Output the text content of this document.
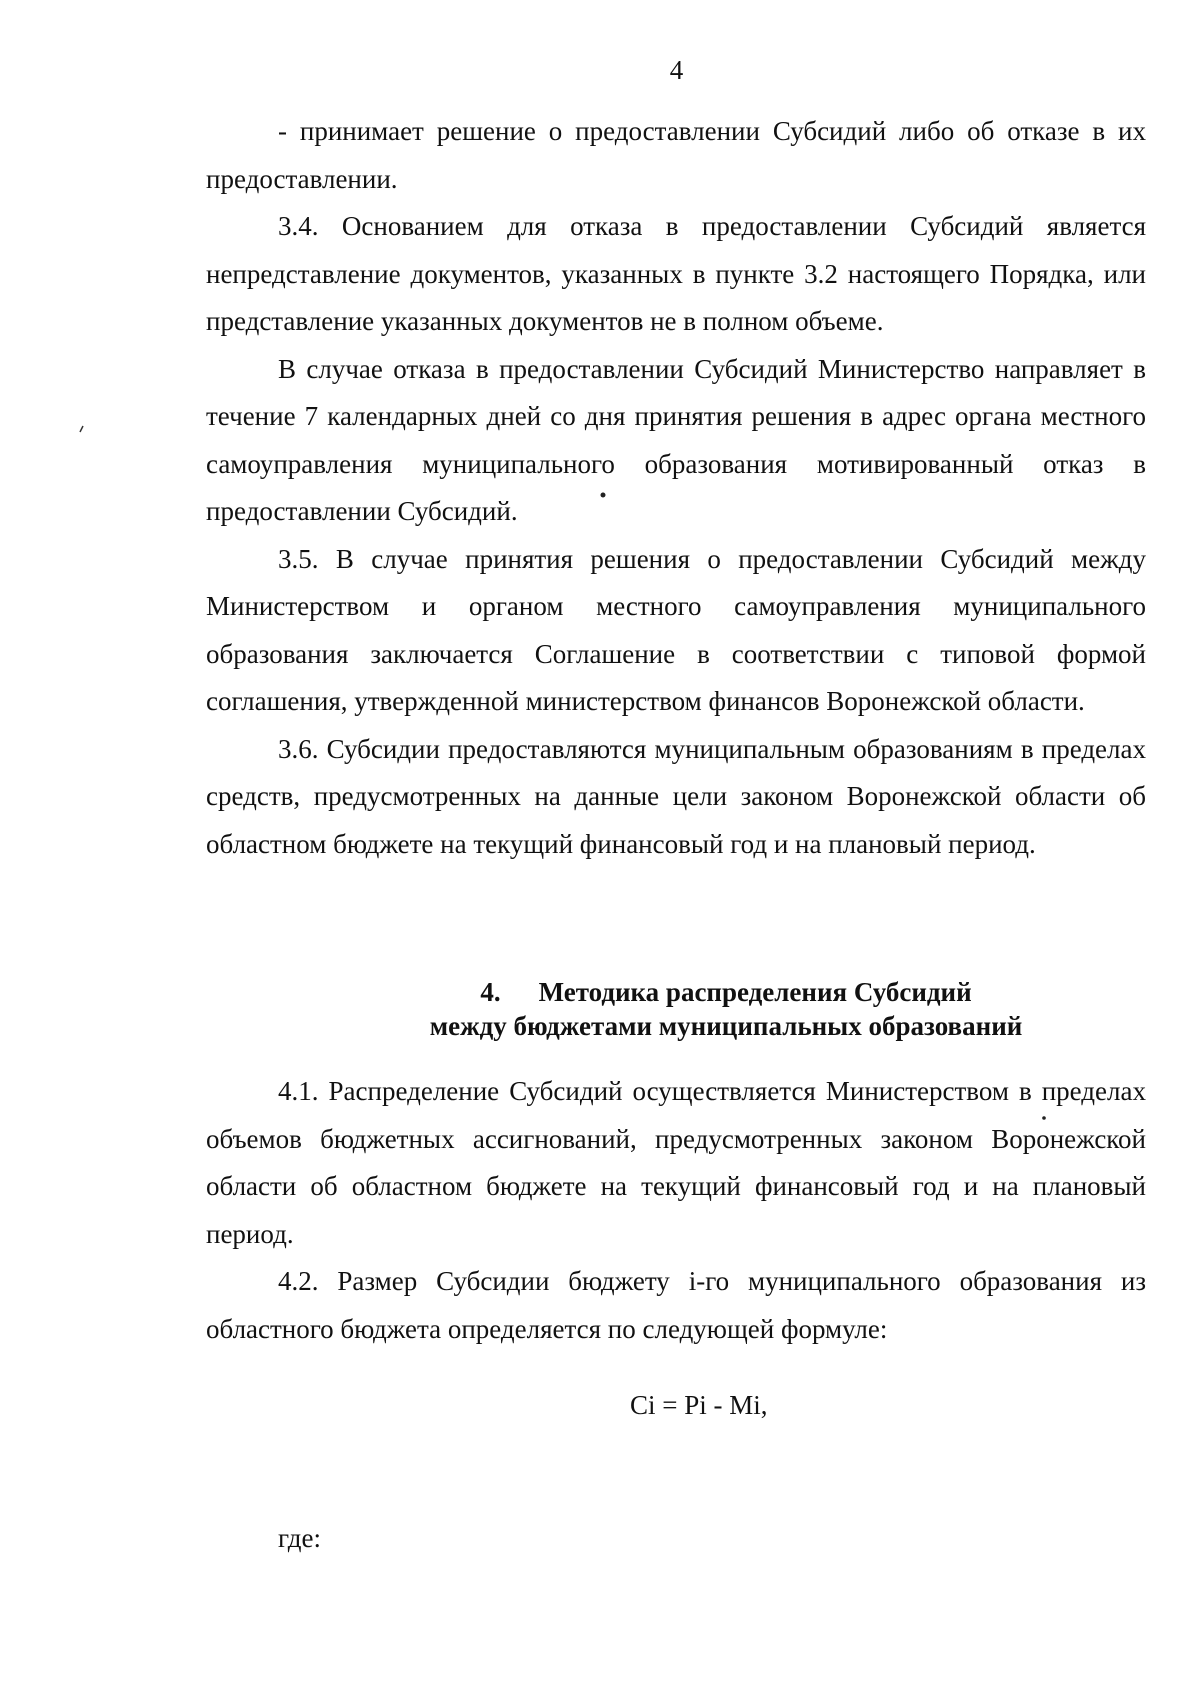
4

- принимает решение о предоставлении Субсидий либо об отказе в их предоставлении.

3.4. Основанием для отказа в предоставлении Субсидий является непредставление документов, указанных в пункте 3.2 настоящего Порядка, или представление указанных документов не в полном объеме.

В случае отказа в предоставлении Субсидий Министерство направляет в течение 7 календарных дней со дня принятия решения в адрес органа местного самоуправления муниципального образования мотивированный отказ в предоставлении Субсидий.

3.5. В случае принятия решения о предоставлении Субсидий между Министерством и органом местного самоуправления муниципального образования заключается Соглашение в соответствии с типовой формой соглашения, утвержденной министерством финансов Воронежской области.

3.6. Субсидии предоставляются муниципальным образованиям в пределах средств, предусмотренных на данные цели законом Воронежской области об областном бюджете на текущий финансовый год и на плановый период.

4. Методика распределения Субсидий
между бюджетами муниципальных образований

4.1. Распределение Субсидий осуществляется Министерством в пределах объемов бюджетных ассигнований, предусмотренных законом Воронежской области об областном бюджете на текущий финансовый год и на плановый период.

4.2. Размер Субсидии бюджету i-го муниципального образования из областного бюджета определяется по следующей формуле:

Ci = Pi - Mi,
где:
